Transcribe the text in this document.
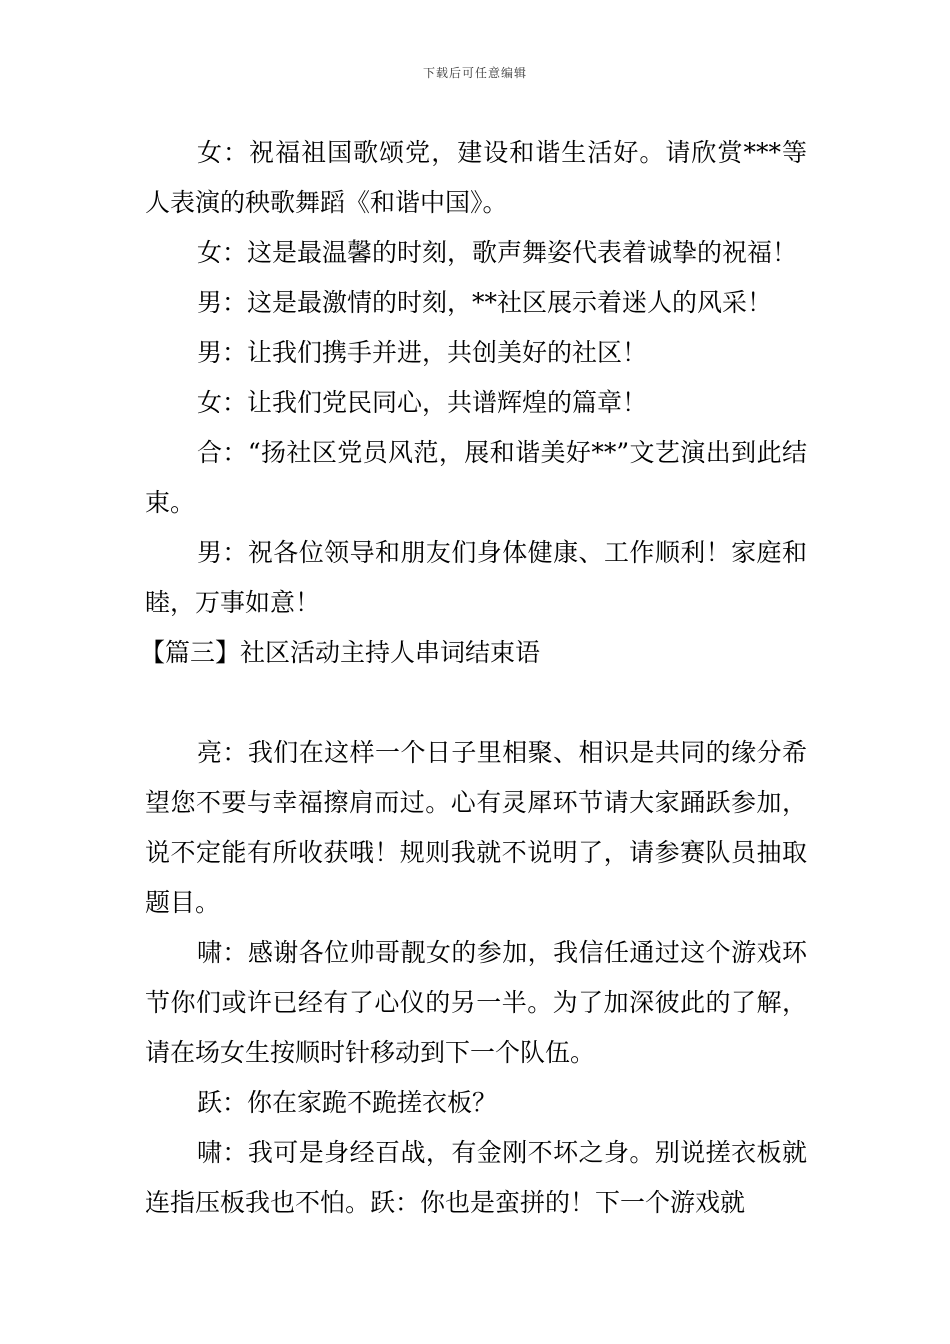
下载后可任意编辑

女：祝福祖国歌颂党，建设和谐生活好。请欣赏***等人表演的秧歌舞蹈《和谐中国》。

女：这是最温馨的时刻，歌声舞姿代表着诚挚的祝福！

男：这是最激情的时刻，**社区展示着迷人的风采！

男：让我们携手并进，共创美好的社区！

女：让我们党民同心，共谱辉煌的篇章！

合：“扬社区党员风范，展和谐美好**”文艺演出到此结束。

男：祝各位领导和朋友们身体健康、工作顺利！家庭和睦，万事如意！

【篇三】社区活动主持人串词结束语

亮：我们在这样一个日子里相聚、相识是共同的缘分希望您不要与幸福擦肩而过。心有灵犀环节请大家踊跃参加，说不定能有所收获哦！规则我就不说明了，请参赛队员抽取题目。

啸：感谢各位帅哥靓女的参加，我信任通过这个游戏环节你们或许已经有了心仪的另一半。为了加深彼此的了解，请在场女生按顺时针移动到下一个队伍。

跃：你在家跪不跪搓衣板？

啸：我可是身经百战，有金刚不坏之身。别说搓衣板就连指压板我也不怕。跃：你也是蛮拼的！下一个游戏就
